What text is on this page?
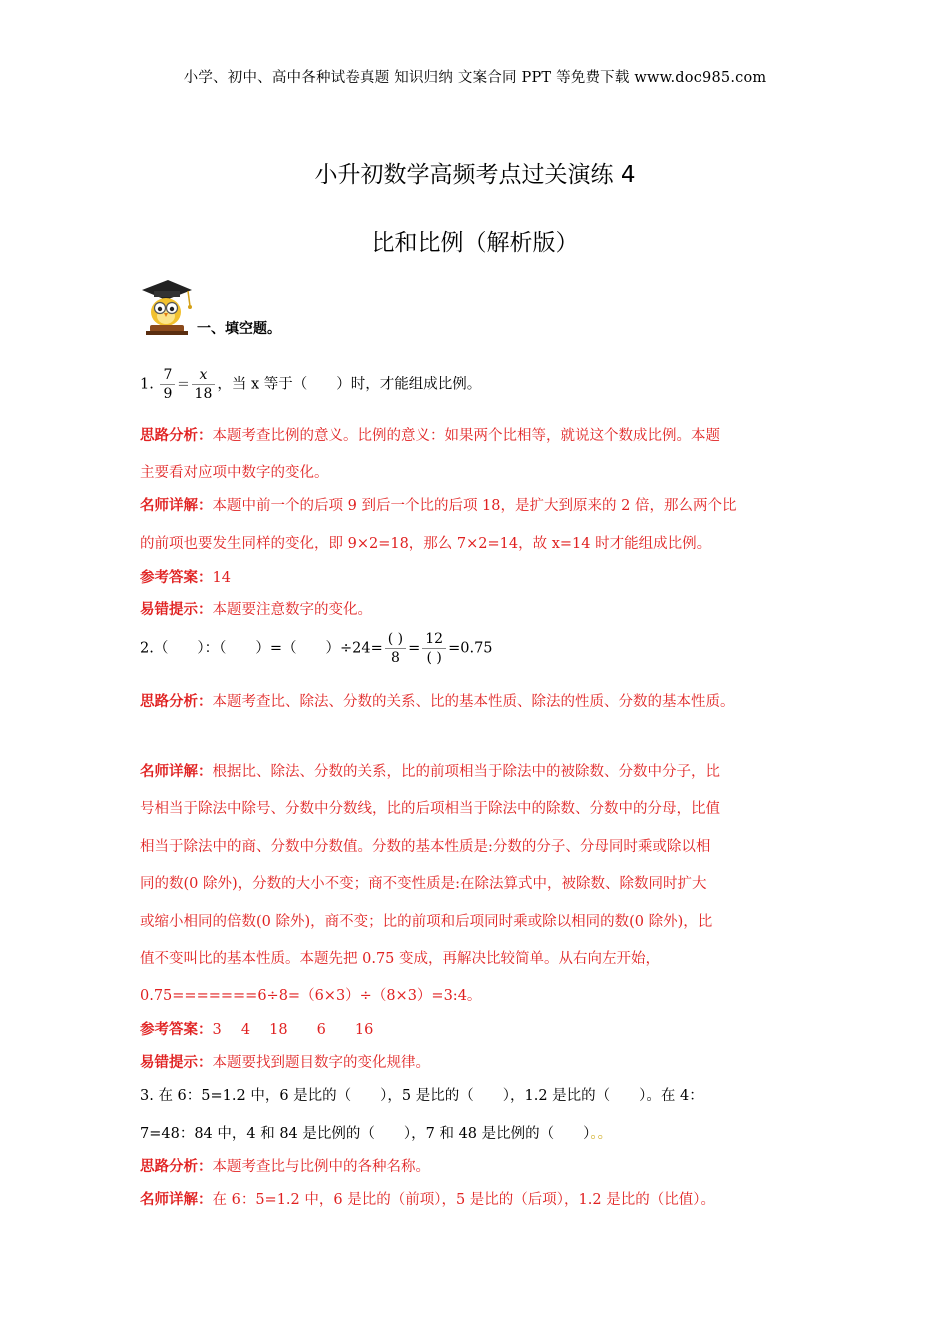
小学、初中、高中各种试卷真题 知识归纳 文案合同 PPT 等免费下载 www.doc985.com
小升初数学高频考点过关演练 4
比和比例（解析版）
一、填空题。
1. $\frac{7}{9} = \frac{x}{18}$ ，当 x 等于（　　）时，才能组成比例。
思路分析：本题考查比例的意义。比例的意义：如果两个比相等，就说这个数成比例。本题
主要看对应项中数字的变化。
名师详解：本题中前一个的后项 9 到后一个比的后项 18，是扩大到原来的 2 倍，那么两个比
的前项也要发生同样的变化，即 9×2=18，那么 7×2=14，故 x=14 时才能组成比例。
参考答案：14
易错提示：本题要注意数字的变化。
2.（　　）：（　　）=（　　）$\div 24= \frac{( )}{8} = \frac{12}{( )} =0.75$
思路分析：本题考查比、除法、分数的关系、比的基本性质、除法的性质、分数的基本性质。
名师详解：根据比、除法、分数的关系，比的前项相当于除法中的被除数、分数中分子，比
号相当于除法中除号、分数中分数线，比的后项相当于除法中的除数、分数中的分母，比值
相当于除法中的商、分数中分数值。分数的基本性质是:分数的分子、分母同时乘或除以相
同的数(0 除外)，分数的大小不变；商不变性质是:在除法算式中，被除数、除数同时扩大
或缩小相同的倍数(0 除外)，商不变；比的前项和后项同时乘或除以相同的数(0 除外)，比
值不变叫比的基本性质。本题先把 0.75 变成，再解决比较简单。从右向左开始，
0.75=======6÷8=（6×3）÷（8×3）=3:4。
参考答案：3　 4　 18　　6　　16
易错提示：本题要找到题目数字的变化规律。
3. 在 6：5=1.2 中，6 是比的（　　），5 是比的（　　），1.2 是比的（　　）。在 4：
7=48：84 中，4 和 84 是比例的（　　），7 和 48 是比例的（　　）。。
思路分析：本题考查比与比例中的各种名称。
名师详解：在 6：5=1.2 中，6 是比的（前项），5 是比的（后项），1.2 是比的（比值）。
